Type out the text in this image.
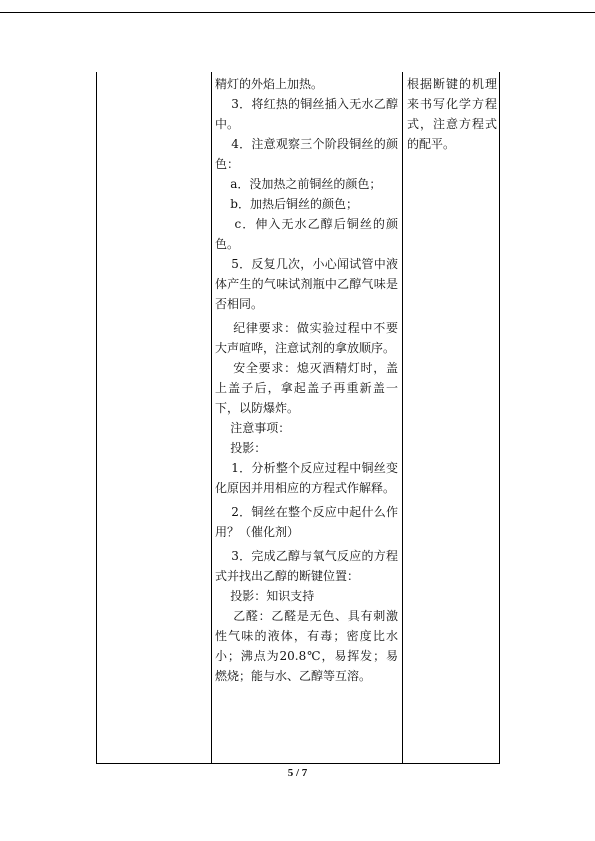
精灯的外焰上加热。

3．将红热的铜丝插入无水乙醇中。

4．注意观察三个阶段铜丝的颜色：

a．没加热之前铜丝的颜色；

b．加热后铜丝的颜色；

c．伸入无水乙醇后铜丝的颜色。

5．反复几次，小心闻试管中液体产生的气味试剂瓶中乙醇气味是否相同。

纪律要求：做实验过程中不要大声喧哗，注意试剂的拿放顺序。

安全要求：熄灭酒精灯时，盖上盖子后，拿起盖子再重新盖一下，以防爆炸。

注意事项：

投影：

1．分析整个反应过程中铜丝变化原因并用相应的方程式作解释。

2．铜丝在整个反应中起什么作用？（催化剂）

3．完成乙醇与氧气反应的方程式并找出乙醇的断键位置：

投影：知识支持

乙醛：乙醛是无色、具有刺激性气味的液体，有毒；密度比水小；沸点为20.8℃，易挥发；易燃烧；能与水、乙醇等互溶。

根据断键的机理来书写化学方程式，注意方程式的配平。

5 / 7
